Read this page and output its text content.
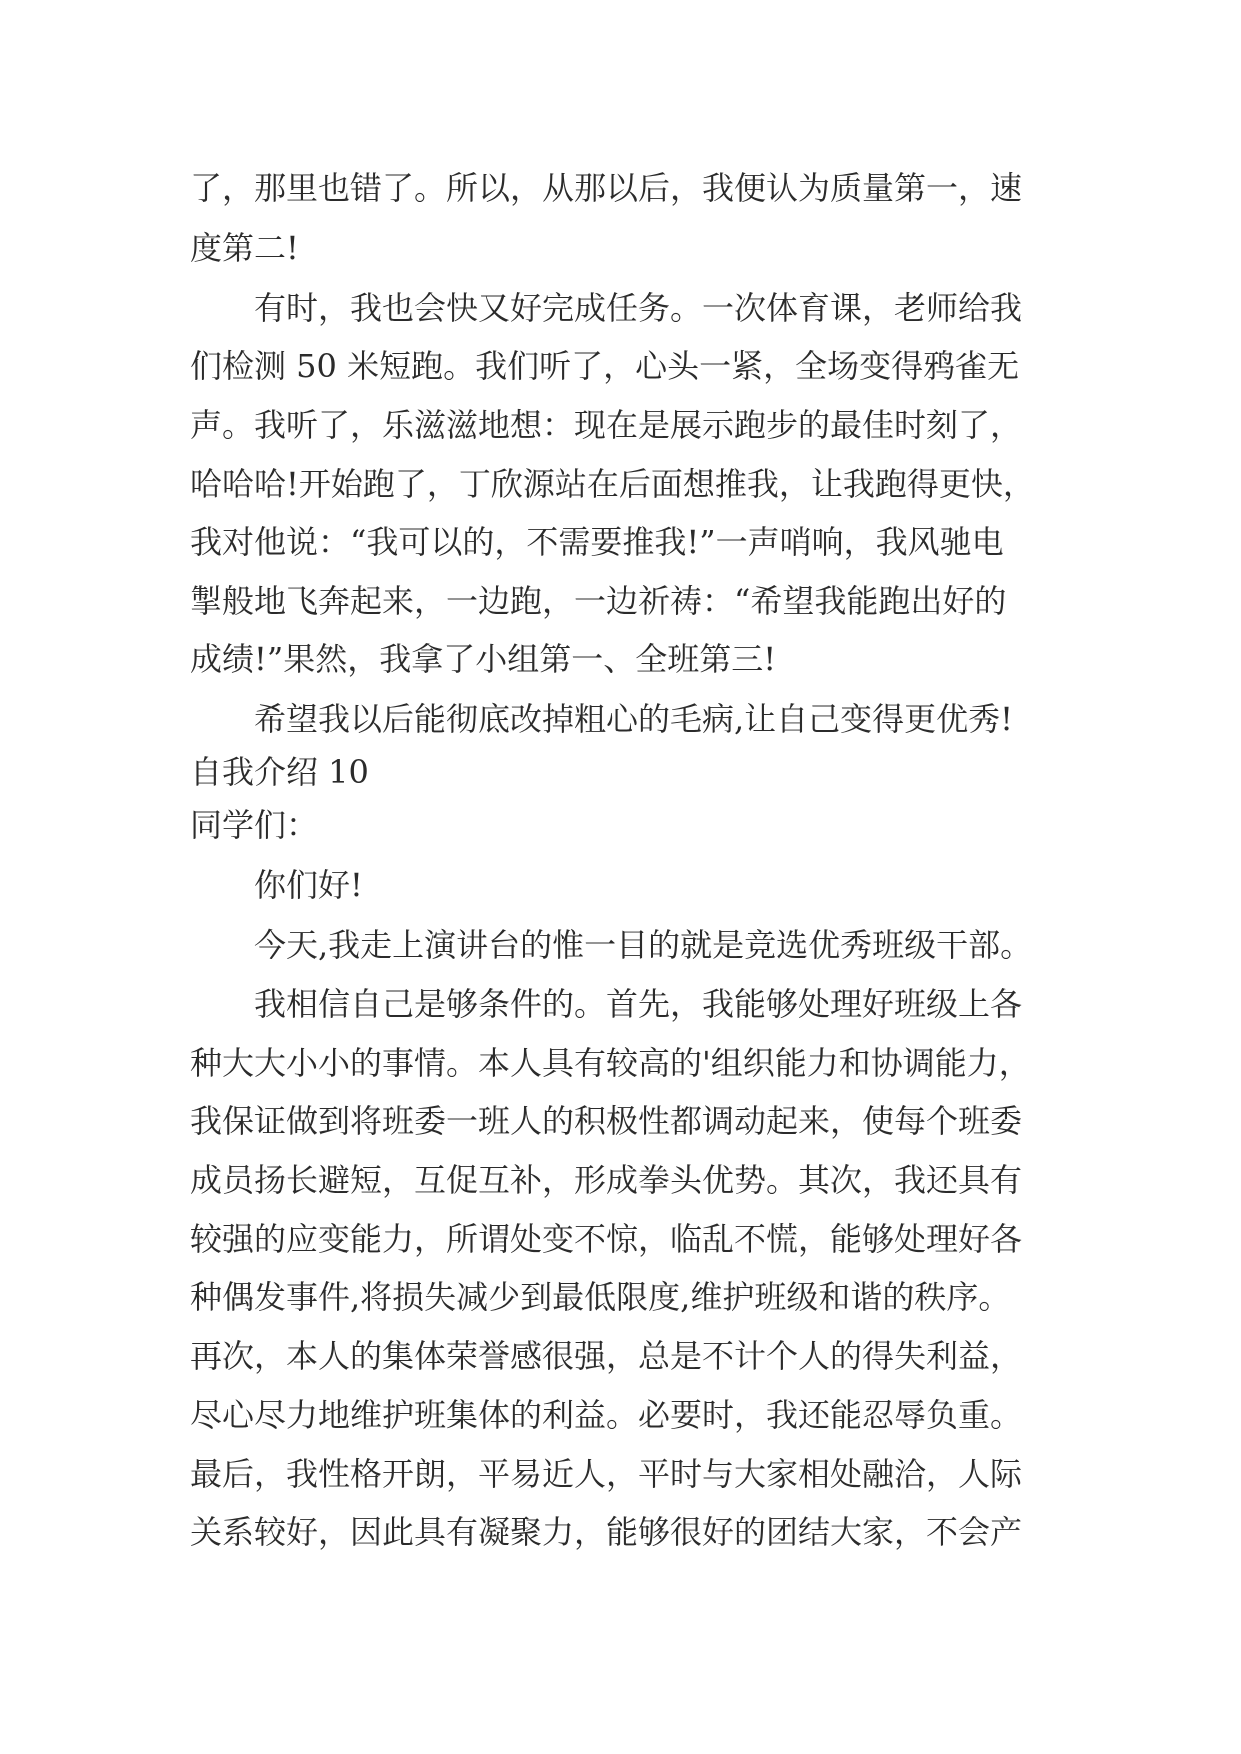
了，那里也错了。所以，从那以后，我便认为质量第一，速

度第二!

　　有时，我也会快又好完成任务。一次体育课，老师给我

们检测 50 米短跑。我们听了，心头一紧，全场变得鸦雀无

声。我听了，乐滋滋地想：现在是展示跑步的最佳时刻了，

哈哈哈!开始跑了，丁欣源站在后面想推我，让我跑得更快，

我对他说：“我可以的，不需要推我!”一声哨响，我风驰电

掣般地飞奔起来，一边跑，一边祈祷：“希望我能跑出好的

成绩!”果然，我拿了小组第一、全班第三!

　　希望我以后能彻底改掉粗心的毛病,让自己变得更优秀!

自我介绍 10

同学们：

　　你们好!

　　今天,我走上演讲台的惟一目的就是竞选优秀班级干部。

　　我相信自己是够条件的。首先，我能够处理好班级上各

种大大小小的事情。本人具有较高的'组织能力和协调能力，

我保证做到将班委一班人的积极性都调动起来，使每个班委

成员扬长避短，互促互补，形成拳头优势。其次，我还具有

较强的应变能力，所谓处变不惊，临乱不慌，能够处理好各

种偶发事件,将损失减少到最低限度,维护班级和谐的秩序。

再次，本人的集体荣誉感很强，总是不计个人的得失利益，

尽心尽力地维护班集体的利益。必要时，我还能忍辱负重。

最后，我性格开朗，平易近人，平时与大家相处融洽，人际

关系较好，因此具有凝聚力，能够很好的团结大家，不会产
